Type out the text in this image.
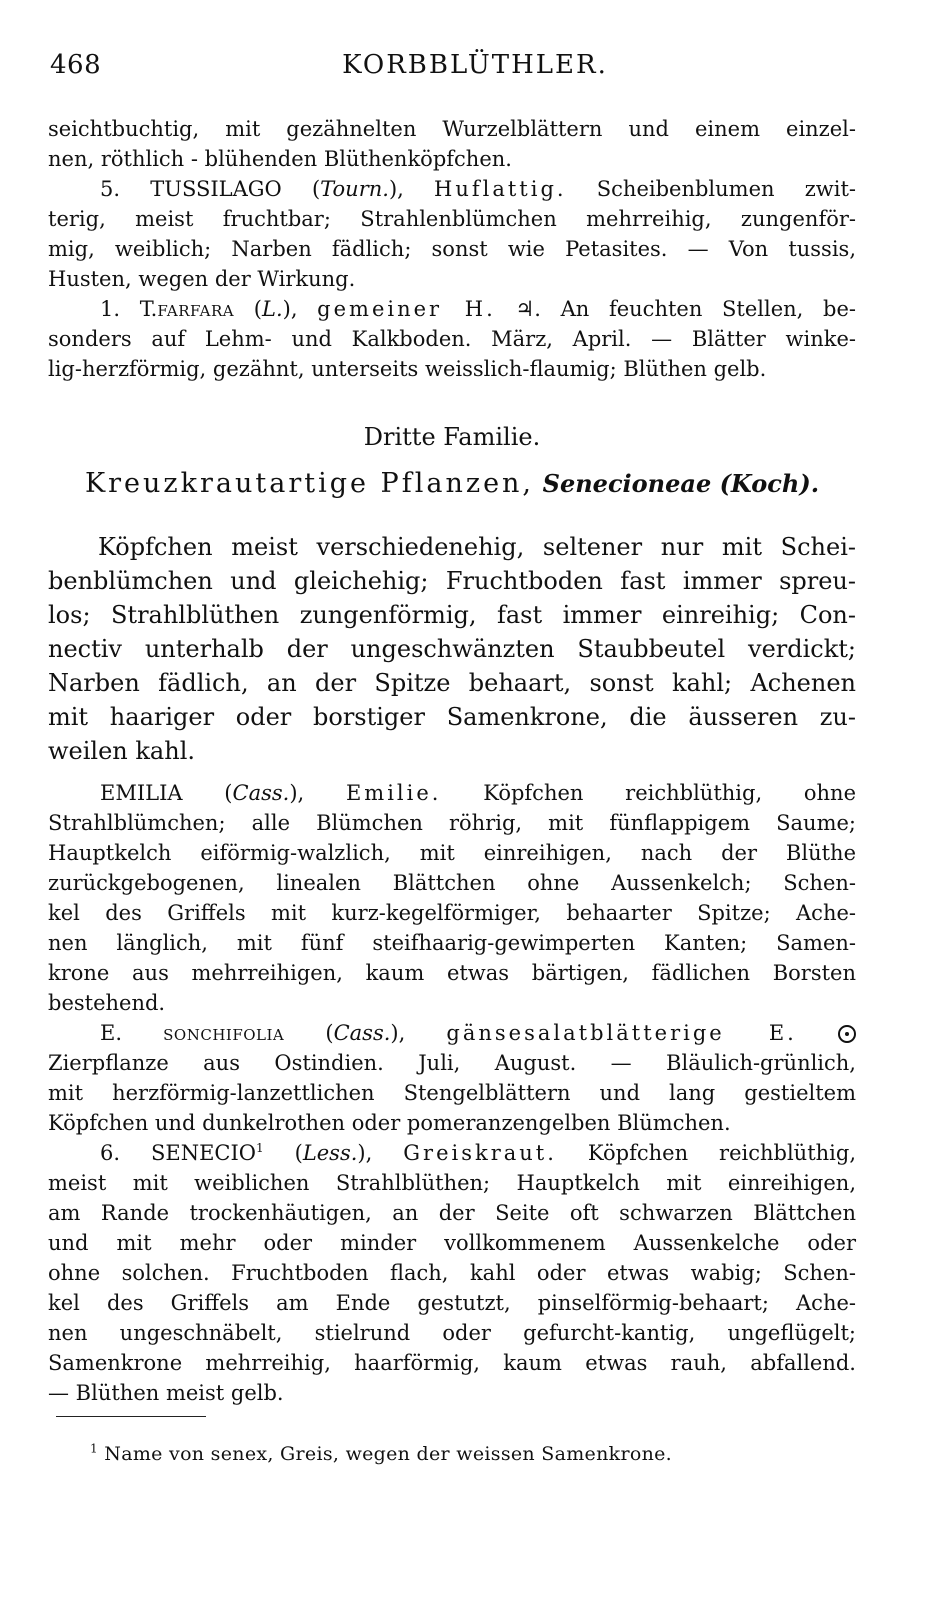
468	KORBBLÜTHLER.

seichtbuchtig, mit gezähnelten Wurzelblättern und einem einzel-
nen, röthlich - blühenden Blüthenköpfchen.

5. TUSSILAGO (Tourn.), Huflattig. Scheibenblumen zwit-
terig, meist fruchtbar; Strahlenblümchen mehrreihig, zungenför-
mig, weiblich; Narben fädlich; sonst wie Petasites. — Von tussis,
Husten, wegen der Wirkung.

1. T.farfara (L.), gemeiner H. ♃. An feuchten Stellen, be-
sonders auf Lehm- und Kalkboden. März, April. — Blätter winke-
lig-herzförmig, gezähnt, unterseits weisslich-flaumig; Blüthen gelb.

Dritte Familie.
Kreuzkrautartige Pflanzen, Senecioneae (Koch).
Köpfchen meist verschiedenehig, seltener nur mit Schei-
benblümchen und gleichehig; Fruchtboden fast immer spreu-
los; Strahlblüthen zungenförmig, fast immer einreihig; Con-
nectiv unterhalb der ungeschwänzten Staubbeutel verdickt;
Narben fädlich, an der Spitze behaart, sonst kahl; Achenen
mit haariger oder borstiger Samenkrone, die äusseren zu-
weilen kahl.
EMILIA (Cass.), Emilie. Köpfchen reichblüthig, ohne
Strahlblümchen; alle Blümchen röhrig, mit fünflappigem Saume;
Hauptkelch eiförmig-walzlich, mit einreihigen, nach der Blüthe
zurückgebogenen, linealen Blättchen ohne Aussenkelch; Schen-
kel des Griffels mit kurz-kegelförmiger, behaarter Spitze; Ache-
nen länglich, mit fünf steifhaarig-gewimperten Kanten; Samen-
krone aus mehrreihigen, kaum etwas bärtigen, fädlichen Borsten
bestehend.
E. sonchifolia (Cass.), gänsesalatblätterige E.
Zierpflanze aus Ostindien. Juli, August. — Bläulich-grünlich,
mit herzförmig-lanzettlichen Stengelblättern und lang gestieltem
Köpfchen und dunkelrothen oder pomeranzengelben Blümchen.
6. SENECIO$^1$ (Less.), Greiskraut. Köpfchen reichblüthig,
meist mit weiblichen Strahlblüthen; Hauptkelch mit einreihigen,
am Rande trockenhäutigen, an der Seite oft schwarzen Blättchen
und mit mehr oder minder vollkommenem Aussenkelche oder
ohne solchen. Fruchtboden flach, kahl oder etwas wabig; Schen-
kel des Griffels am Ende gestutzt, pinselförmig-behaart; Ache-
nen ungeschnäbelt, stielrund oder gefurcht-kantig, ungeflügelt;
Samenkrone mehrreihig, haarförmig, kaum etwas rauh, abfallend.
— Blüthen meist gelb.
$^1$ Name von senex, Greis, wegen der weissen Samenkrone.
